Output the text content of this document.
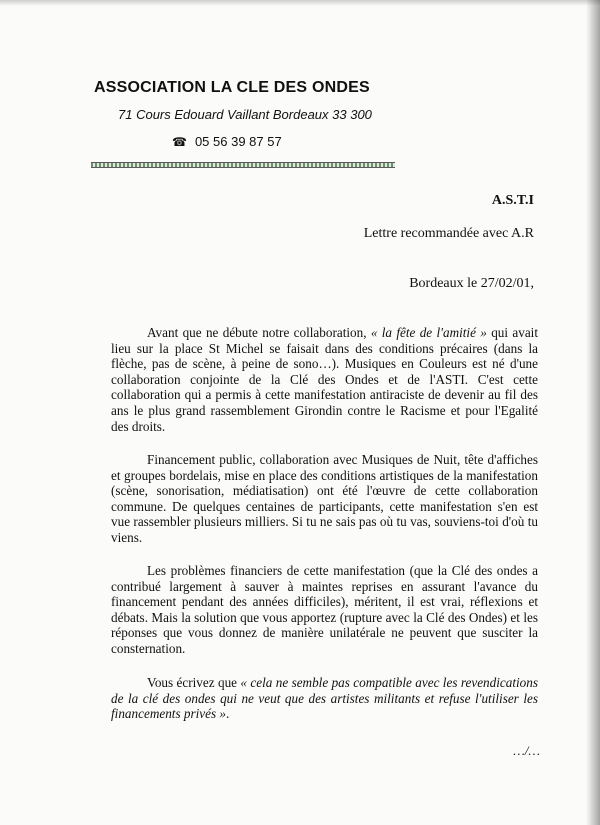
ASSOCIATION LA CLE DES ONDES
71 Cours Edouard Vaillant Bordeaux 33 300
☎ 05 56 39 87 57
A.S.T.I
Lettre recommandée avec A.R
Bordeaux le 27/02/01,

Avant que ne débute notre collaboration, « la fête de l'amitié » qui avait lieu sur la place St Michel se faisait dans des conditions précaires (dans la flèche, pas de scène, à peine de sono…). Musiques en Couleurs est né d'une collaboration conjointe de la Clé des Ondes et de l'ASTI. C'est cette collaboration qui a permis à cette manifestation antiraciste de devenir au fil des ans le plus grand rassemblement Girondin contre le Racisme et pour l'Egalité des droits.

Financement public, collaboration avec Musiques de Nuit, tête d'affiches et groupes bordelais, mise en place des conditions artistiques de la manifestation (scène, sonorisation, médiatisation) ont été l'œuvre de cette collaboration commune. De quelques centaines de participants, cette manifestation s'en est vue rassembler plusieurs milliers. Si tu ne sais pas où tu vas, souviens-toi d'où tu viens.

Les problèmes financiers de cette manifestation (que la Clé des ondes a contribué largement à sauver à maintes reprises en assurant l'avance du financement pendant des années difficiles), méritent, il est vrai, réflexions et débats. Mais la solution que vous apportez (rupture avec la Clé des Ondes) et les réponses que vous donnez de manière unilatérale ne peuvent que susciter la consternation.

Vous écrivez que « cela ne semble pas compatible avec les revendications de la clé des ondes qui ne veut que des artistes militants et refuse l'utiliser les financements privés ».

…/…
